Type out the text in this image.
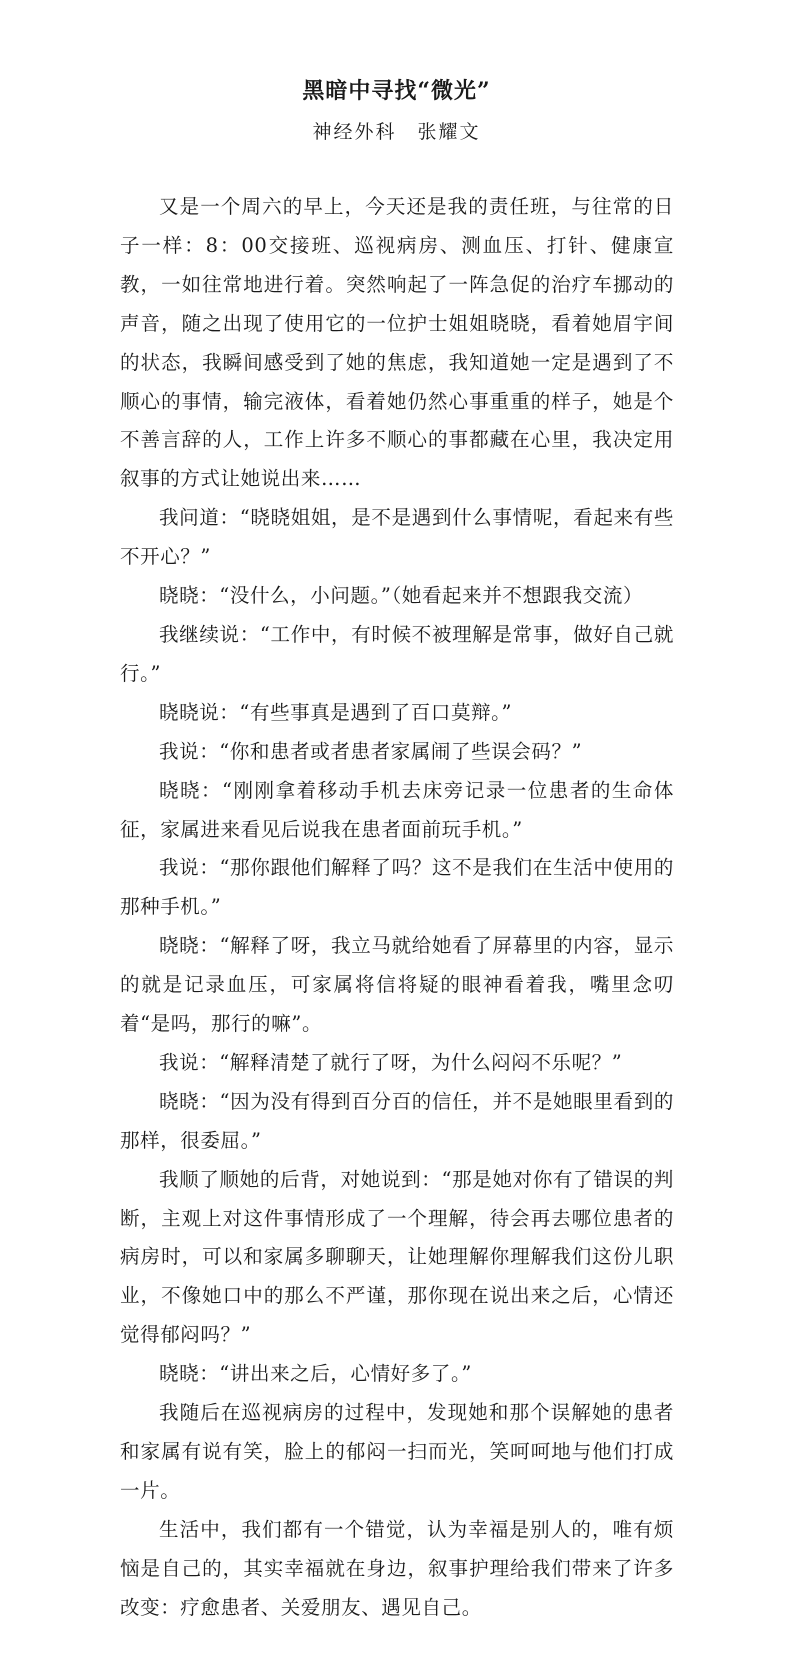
黑暗中寻找“微光”
神经外科　张耀文

又是一个周六的早上，今天还是我的责任班，与往常的日子一样：8：00交接班、巡视病房、测血压、打针、健康宣教，一如往常地进行着。突然响起了一阵急促的治疗车挪动的声音，随之出现了使用它的一位护士姐姐晓晓，看着她眉宇间的状态，我瞬间感受到了她的焦虑，我知道她一定是遇到了不顺心的事情，输完液体，看着她仍然心事重重的样子，她是个不善言辞的人，工作上许多不顺心的事都藏在心里，我决定用叙事的方式让她说出来……

我问道：“晓晓姐姐，是不是遇到什么事情呢，看起来有些不开心？”

晓晓：“没什么，小问题。”（她看起来并不想跟我交流）

我继续说：“工作中，有时候不被理解是常事，做好自己就行。”

晓晓说：“有些事真是遇到了百口莫辩。”

我说：“你和患者或者患者家属闹了些误会码？”

晓晓：“刚刚拿着移动手机去床旁记录一位患者的生命体征，家属进来看见后说我在患者面前玩手机。”

我说：“那你跟他们解释了吗？这不是我们在生活中使用的那种手机。”

晓晓：“解释了呀，我立马就给她看了屏幕里的内容，显示的就是记录血压，可家属将信将疑的眼神看着我，嘴里念叨着“是吗，那行的嘛”。

我说：“解释清楚了就行了呀，为什么闷闷不乐呢？”

晓晓：“因为没有得到百分百的信任，并不是她眼里看到的那样，很委屈。”

我顺了顺她的后背，对她说到：“那是她对你有了错误的判断，主观上对这件事情形成了一个理解，待会再去哪位患者的病房时，可以和家属多聊聊天，让她理解你理解我们这份儿职业，不像她口中的那么不严谨，那你现在说出来之后，心情还觉得郁闷吗？”

晓晓：“讲出来之后，心情好多了。”

我随后在巡视病房的过程中，发现她和那个误解她的患者和家属有说有笑，脸上的郁闷一扫而光，笑呵呵地与他们打成一片。

生活中，我们都有一个错觉，认为幸福是别人的，唯有烦恼是自己的，其实幸福就在身边，叙事护理给我们带来了许多改变：疗愈患者、关爱朋友、遇见自己。
